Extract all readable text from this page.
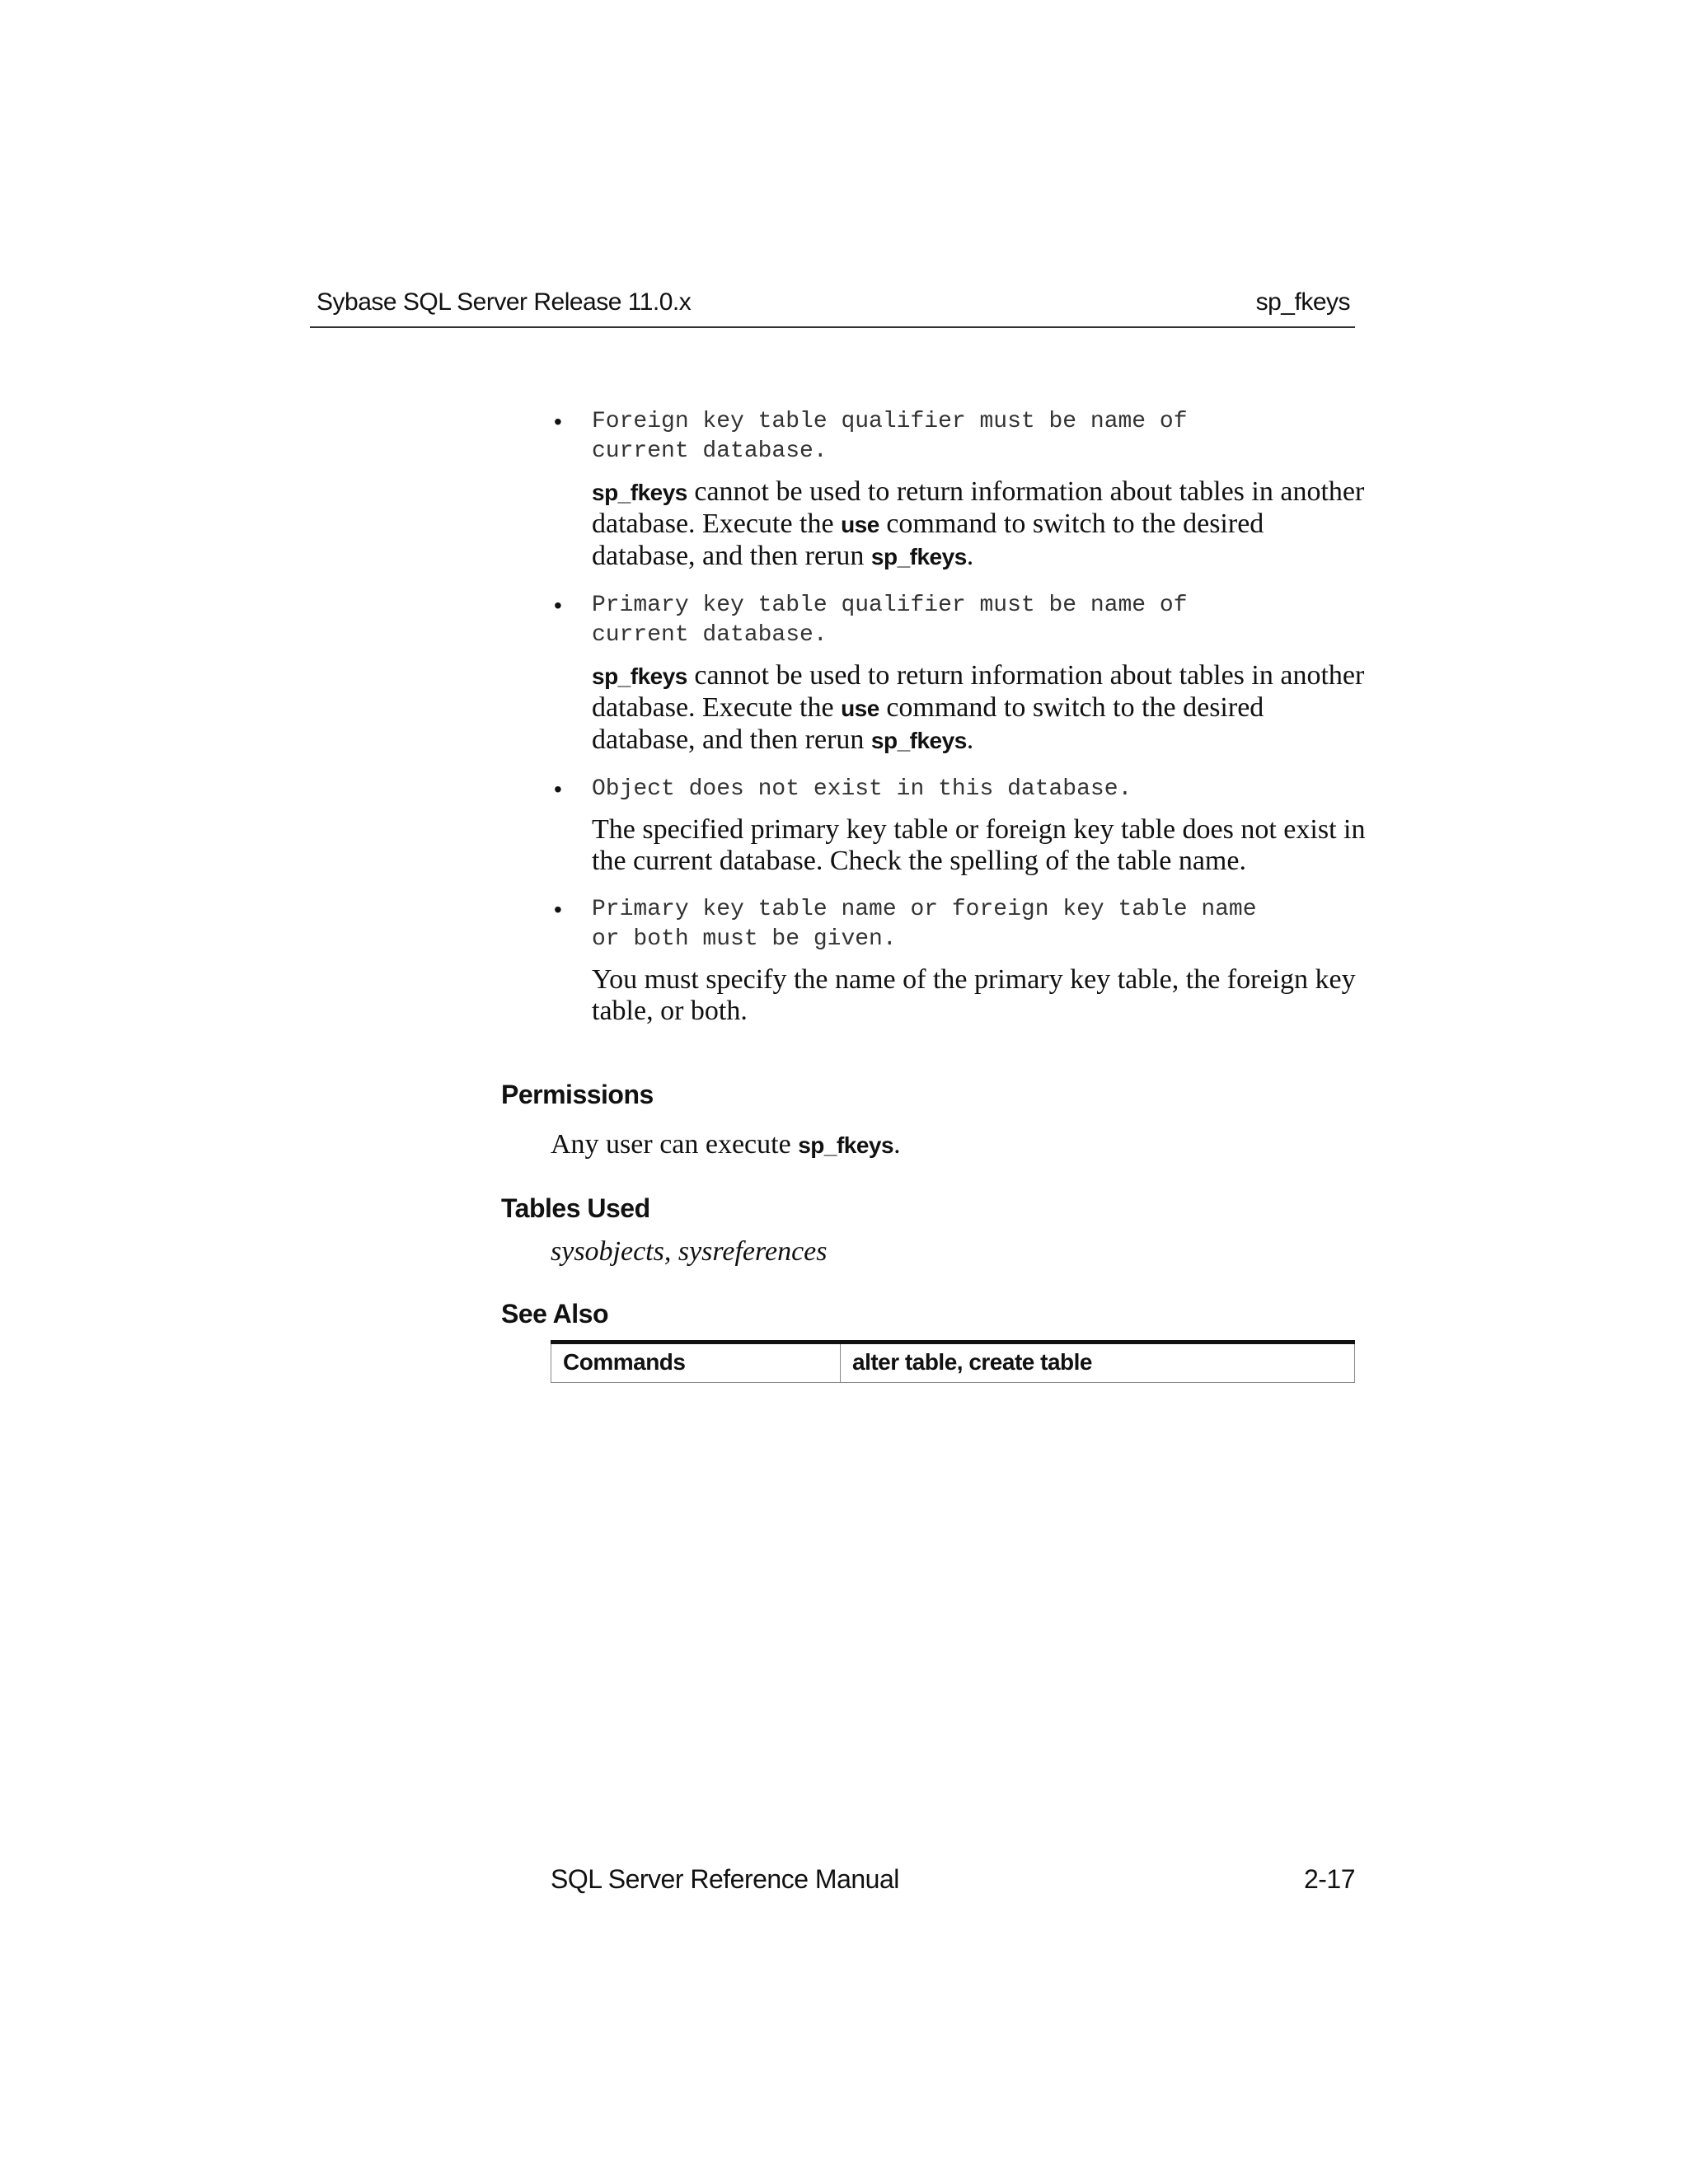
Sybase SQL Server Release 11.0.x	sp_fkeys
• Foreign key table qualifier must be name of
current database.

sp_fkeys cannot be used to return information about tables in another database. Execute the use command to switch to the desired database, and then rerun sp_fkeys.

• Primary key table qualifier must be name of
current database.

sp_fkeys cannot be used to return information about tables in another database. Execute the use command to switch to the desired database, and then rerun sp_fkeys.

• Object does not exist in this database.

The specified primary key table or foreign key table does not exist in the current database. Check the spelling of the table name.

• Primary key table name or foreign key table name
or both must be given.

You must specify the name of the primary key table, the foreign key table, or both.

Permissions
Any user can execute sp_fkeys.
Tables Used
sysobjects, sysreferences
See Also
Commands	alter table, create table
SQL Server Reference Manual	2-17
